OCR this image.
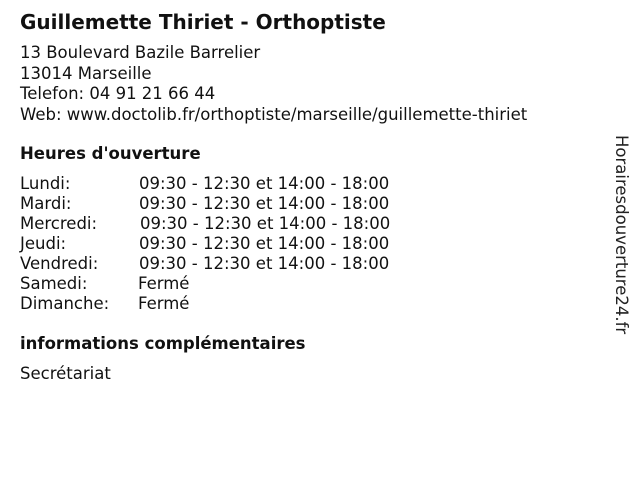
Guillemette Thiriet - Orthoptiste
13 Boulevard Bazile Barrelier
13014 Marseille
Telefon: 04 91 21 66 44
Web: www.doctolib.fr/orthoptiste/marseille/guillemette-thiriet
Heures d'ouverture
Lundi:	09:30 - 12:30 et 14:00 - 18:00
Mardi:	09:30 - 12:30 et 14:00 - 18:00
Mercredi:	09:30 - 12:30 et 14:00 - 18:00
Jeudi:	09:30 - 12:30 et 14:00 - 18:00
Vendredi: 09:30 - 12:30 et 14:00 - 18:00
Samedi:	Fermé
Dimanche: Fermé
informations complémentaires
Secrétariat
Horairesdouverture24.fr
